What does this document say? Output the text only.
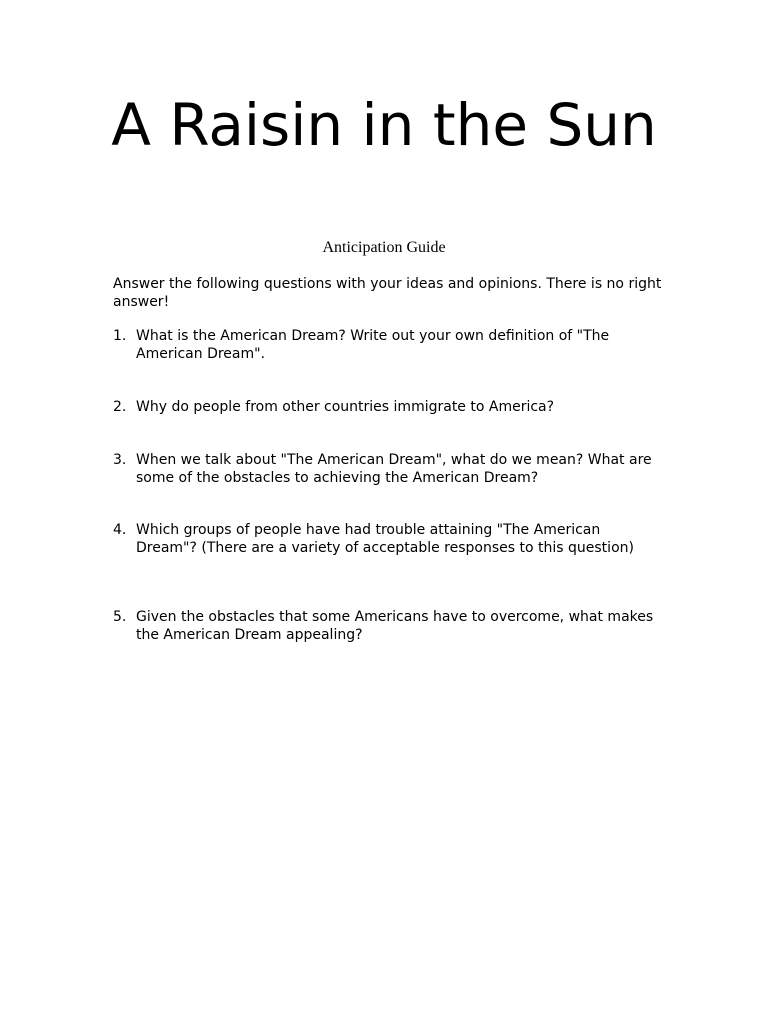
A Raisin in the Sun

Anticipation Guide

Answer the following questions with your ideas and opinions. There is no right answer!

1. What is the American Dream? Write out your own definition of "The American Dream".
2. Why do people from other countries immigrate to America?
3. When we talk about "The American Dream", what do we mean? What are some of the obstacles to achieving the American Dream?
4. Which groups of people have had trouble attaining "The American Dream"? (There are a variety of acceptable responses to this question)
5. Given the obstacles that some Americans have to overcome, what makes the American Dream appealing?
